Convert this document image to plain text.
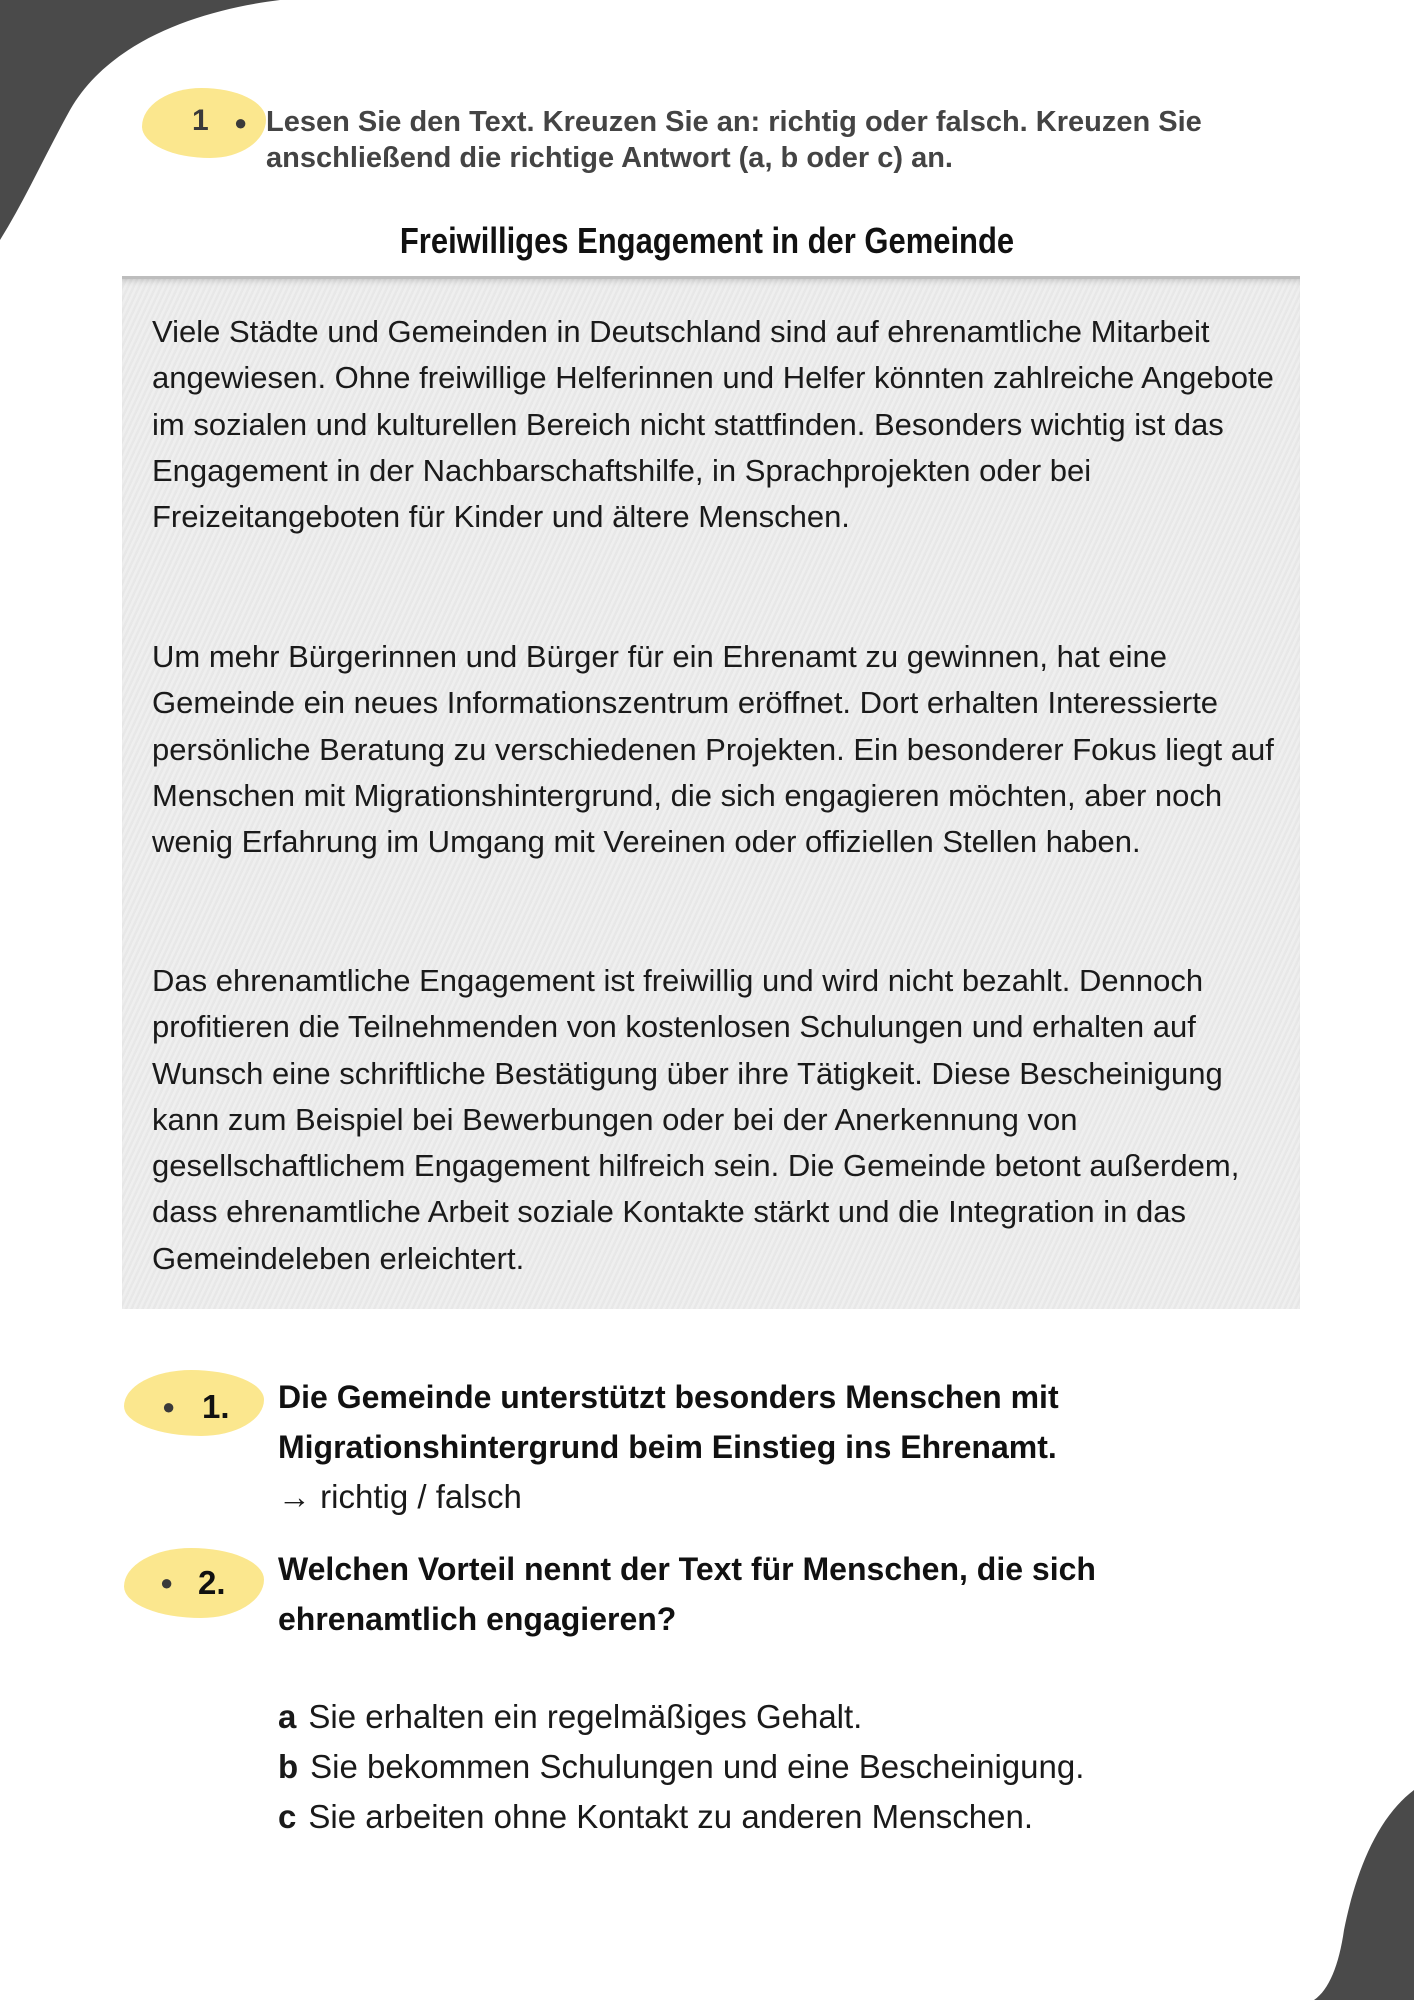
1 ● Lesen Sie den Text. Kreuzen Sie an: richtig oder falsch. Kreuzen Sie anschließend die richtige Antwort (a, b oder c) an.
Freiwilliges Engagement in der Gemeinde

Viele Städte und Gemeinden in Deutschland sind auf ehrenamtliche Mitarbeit angewiesen. Ohne freiwillige Helferinnen und Helfer könnten zahlreiche Angebote im sozialen und kulturellen Bereich nicht stattfinden. Besonders wichtig ist das Engagement in der Nachbarschaftshilfe, in Sprachprojekten oder bei Freizeitangeboten für Kinder und ältere Menschen.

Um mehr Bürgerinnen und Bürger für ein Ehrenamt zu gewinnen, hat eine Gemeinde ein neues Informationszentrum eröffnet. Dort erhalten Interessierte persönliche Beratung zu verschiedenen Projekten. Ein besonderer Fokus liegt auf Menschen mit Migrationshintergrund, die sich engagieren möchten, aber noch wenig Erfahrung im Umgang mit Vereinen oder offiziellen Stellen haben.

Das ehrenamtliche Engagement ist freiwillig und wird nicht bezahlt. Dennoch profitieren die Teilnehmenden von kostenlosen Schulungen und erhalten auf Wunsch eine schriftliche Bestätigung über ihre Tätigkeit. Diese Bescheinigung kann zum Beispiel bei Bewerbungen oder bei der Anerkennung von gesellschaftlichem Engagement hilfreich sein. Die Gemeinde betont außerdem, dass ehrenamtliche Arbeit soziale Kontakte stärkt und die Integration in das Gemeindeleben erleichtert.

● 1. Die Gemeinde unterstützt besonders Menschen mit Migrationshintergrund beim Einstieg ins Ehrenamt.
→ richtig / falsch
● 2. Welchen Vorteil nennt der Text für Menschen, die sich ehrenamtlich engagieren?
a Sie erhalten ein regelmäßiges Gehalt.
b Sie bekommen Schulungen und eine Bescheinigung.
c Sie arbeiten ohne Kontakt zu anderen Menschen.
